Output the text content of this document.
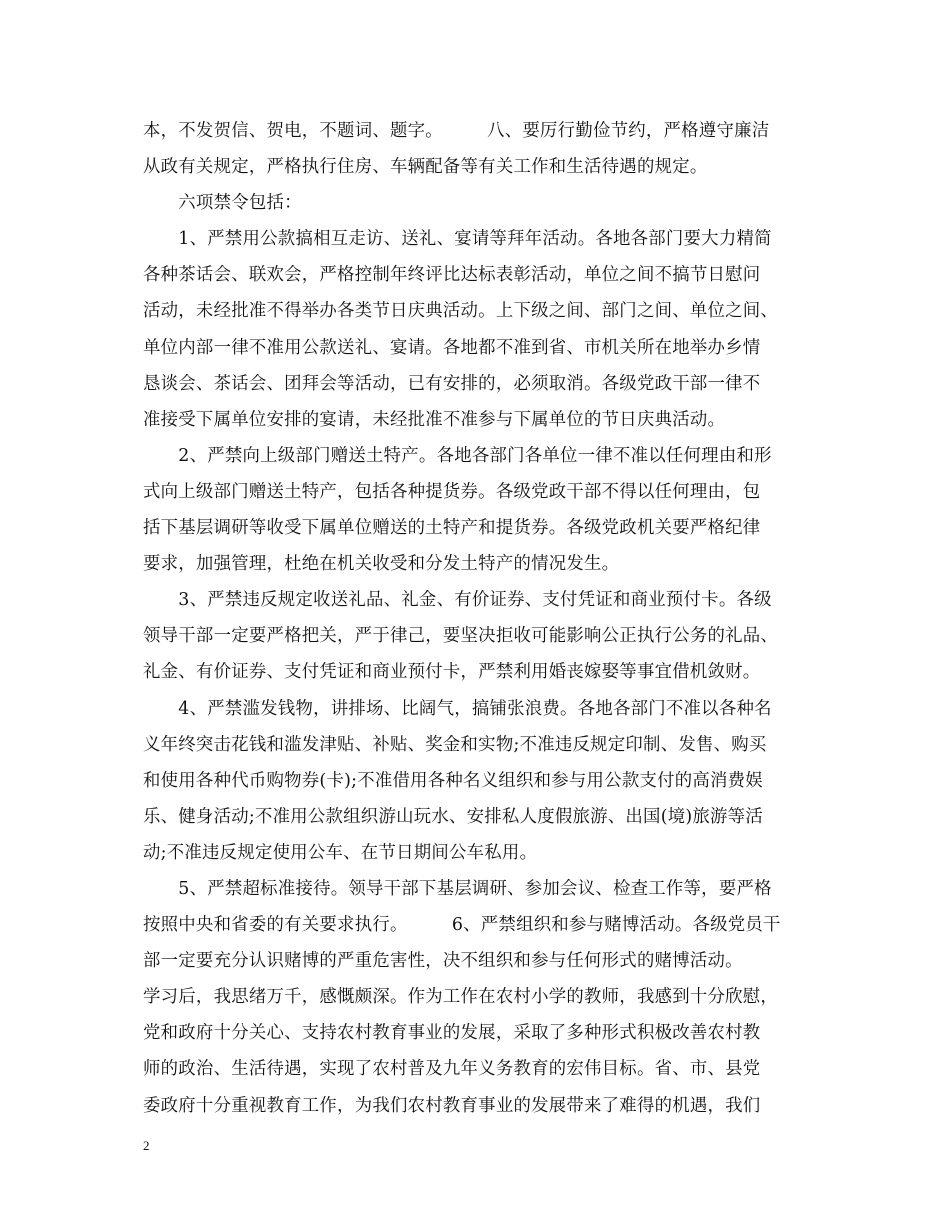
本，不发贺信、贺电，不题词、题字。　　　八、要厉行勤俭节约，严格遵守廉洁
从政有关规定，严格执行住房、车辆配备等有关工作和生活待遇的规定。
　　六项禁令包括：
　　1、严禁用公款搞相互走访、送礼、宴请等拜年活动。各地各部门要大力精简
各种茶话会、联欢会，严格控制年终评比达标表彰活动，单位之间不搞节日慰问
活动，未经批准不得举办各类节日庆典活动。上下级之间、部门之间、单位之间、
单位内部一律不准用公款送礼、宴请。各地都不准到省、市机关所在地举办乡情
恳谈会、茶话会、团拜会等活动，已有安排的，必须取消。各级党政干部一律不
准接受下属单位安排的宴请，未经批准不准参与下属单位的节日庆典活动。
　　2、严禁向上级部门赠送土特产。各地各部门各单位一律不准以任何理由和形
式向上级部门赠送土特产，包括各种提货券。各级党政干部不得以任何理由，包
括下基层调研等收受下属单位赠送的土特产和提货券。各级党政机关要严格纪律
要求，加强管理，杜绝在机关收受和分发土特产的情况发生。
　　3、严禁违反规定收送礼品、礼金、有价证券、支付凭证和商业预付卡。各级
领导干部一定要严格把关，严于律己，要坚决拒收可能影响公正执行公务的礼品、
礼金、有价证券、支付凭证和商业预付卡，严禁利用婚丧嫁娶等事宜借机敛财。
　　4、严禁滥发钱物，讲排场、比阔气，搞铺张浪费。各地各部门不准以各种名
义年终突击花钱和滥发津贴、补贴、奖金和实物;不准违反规定印制、发售、购买
和使用各种代币购物券(卡);不准借用各种名义组织和参与用公款支付的高消费娱
乐、健身活动;不准用公款组织游山玩水、安排私人度假旅游、出国(境)旅游等活
动;不准违反规定使用公车、在节日期间公车私用。
　　5、严禁超标准接待。领导干部下基层调研、参加会议、检查工作等，要严格
按照中央和省委的有关要求执行。　　　6、严禁组织和参与赌博活动。各级党员干
部一定要充分认识赌博的严重危害性，决不组织和参与任何形式的赌博活动。
学习后，我思绪万千，感慨颇深。作为工作在农村小学的教师，我感到十分欣慰，
党和政府十分关心、支持农村教育事业的发展，采取了多种形式积极改善农村教
师的政治、生活待遇，实现了农村普及九年义务教育的宏伟目标。省、市、县党
委政府十分重视教育工作，为我们农村教育事业的发展带来了难得的机遇，我们
2
